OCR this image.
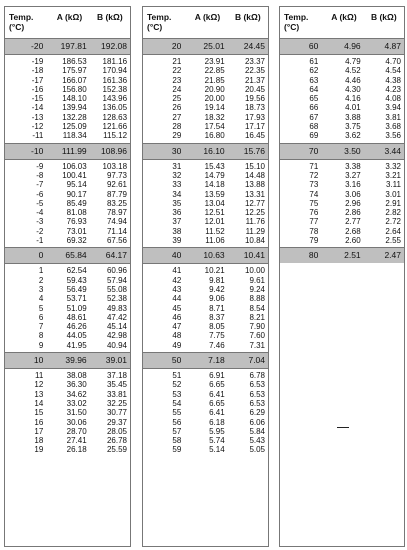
Temp.
(°C)
A (kΩ)	B (kΩ)
-20	197.81	192.08
-19	186.53	181.16
-18	175.97	170.94
-17	166.07	161.36
-16	156.80	152.38
-15	148.10	143.96
-14	139.94	136.05
-13	132.28	128.63
-12	125.09	121.66
-11	118.34	115.12
-10	111.99	108.96
-9	106.03	103.18
-8	100.41	97.73
-7	95.14	92.61
-6	90.17	87.79
-5	85.49	83.25
-4	81.08	78.97
-3	76.93	74.94
-2	73.01	71.14
-1	69.32	67.56
0	65.84	64.17
1	62.54	60.96
2	59.43	57.94
3	56.49	55.08
4	53.71	52.38
5	51.09	49.83
6	48.61	47.42
7	46.26	45.14
8	44.05	42.98
9	41.95	40.94
10	39.96	39.01
11	38.08	37.18
12	36.30	35.45
13	34.62	33.81
14	33.02	32.25
15	31.50	30.77
16	30.06	29.37
17	28.70	28.05
18	27.41	26.78
19	26.18	25.59
Temp.
(°C)
A (kΩ)	B (kΩ)
20	25.01	24.45
21	23.91	23.37
22	22.85	22.35
23	21.85	21.37
24	20.90	20.45
25	20.00	19.56
26	19.14	18.73
27	18.32	17.93
28	17.54	17.17
29	16.80	16.45
30	16.10	15.76
31	15.43	15.10
32	14.79	14.48
33	14.18	13.88
34	13.59	13.31
35	13.04	12.77
36	12.51	12.25
37	12.01	11.76
38	11.52	11.29
39	11.06	10.84
40	10.63	10.41
41	10.21	10.00
42	9.81	9.61
43	9.42	9.24
44	9.06	8.88
45	8.71	8.54
46	8.37	8.21
47	8.05	7.90
48	7.75	7.60
49	7.46	7.31
50	7.18	7.04
51	6.91	6.78
52	6.65	6.53
53	6.41	6.53
54	6.65	6.53
55	6.41	6.29
56	6.18	6.06
57	5.95	5.84
58	5.74	5.43
59	5.14	5.05
Temp.
(°C)
A (kΩ)	B (kΩ)
60	4.96	4.87
61	4.79	4.70
62	4.52	4.54
63	4.46	4.38
64	4.30	4.23
65	4.16	4.08
66	4.01	3.94
67	3.88	3.81
68	3.75	3.68
69	3.62	3.56
70	3.50	3.44
71	3.38	3.32
72	3.27	3.21
73	3.16	3.11
74	3.06	3.01
75	2.96	2.91
76	2.86	2.82
77	2.77	2.72
78	2.68	2.64
79	2.60	2.55
80	2.51	2.47
